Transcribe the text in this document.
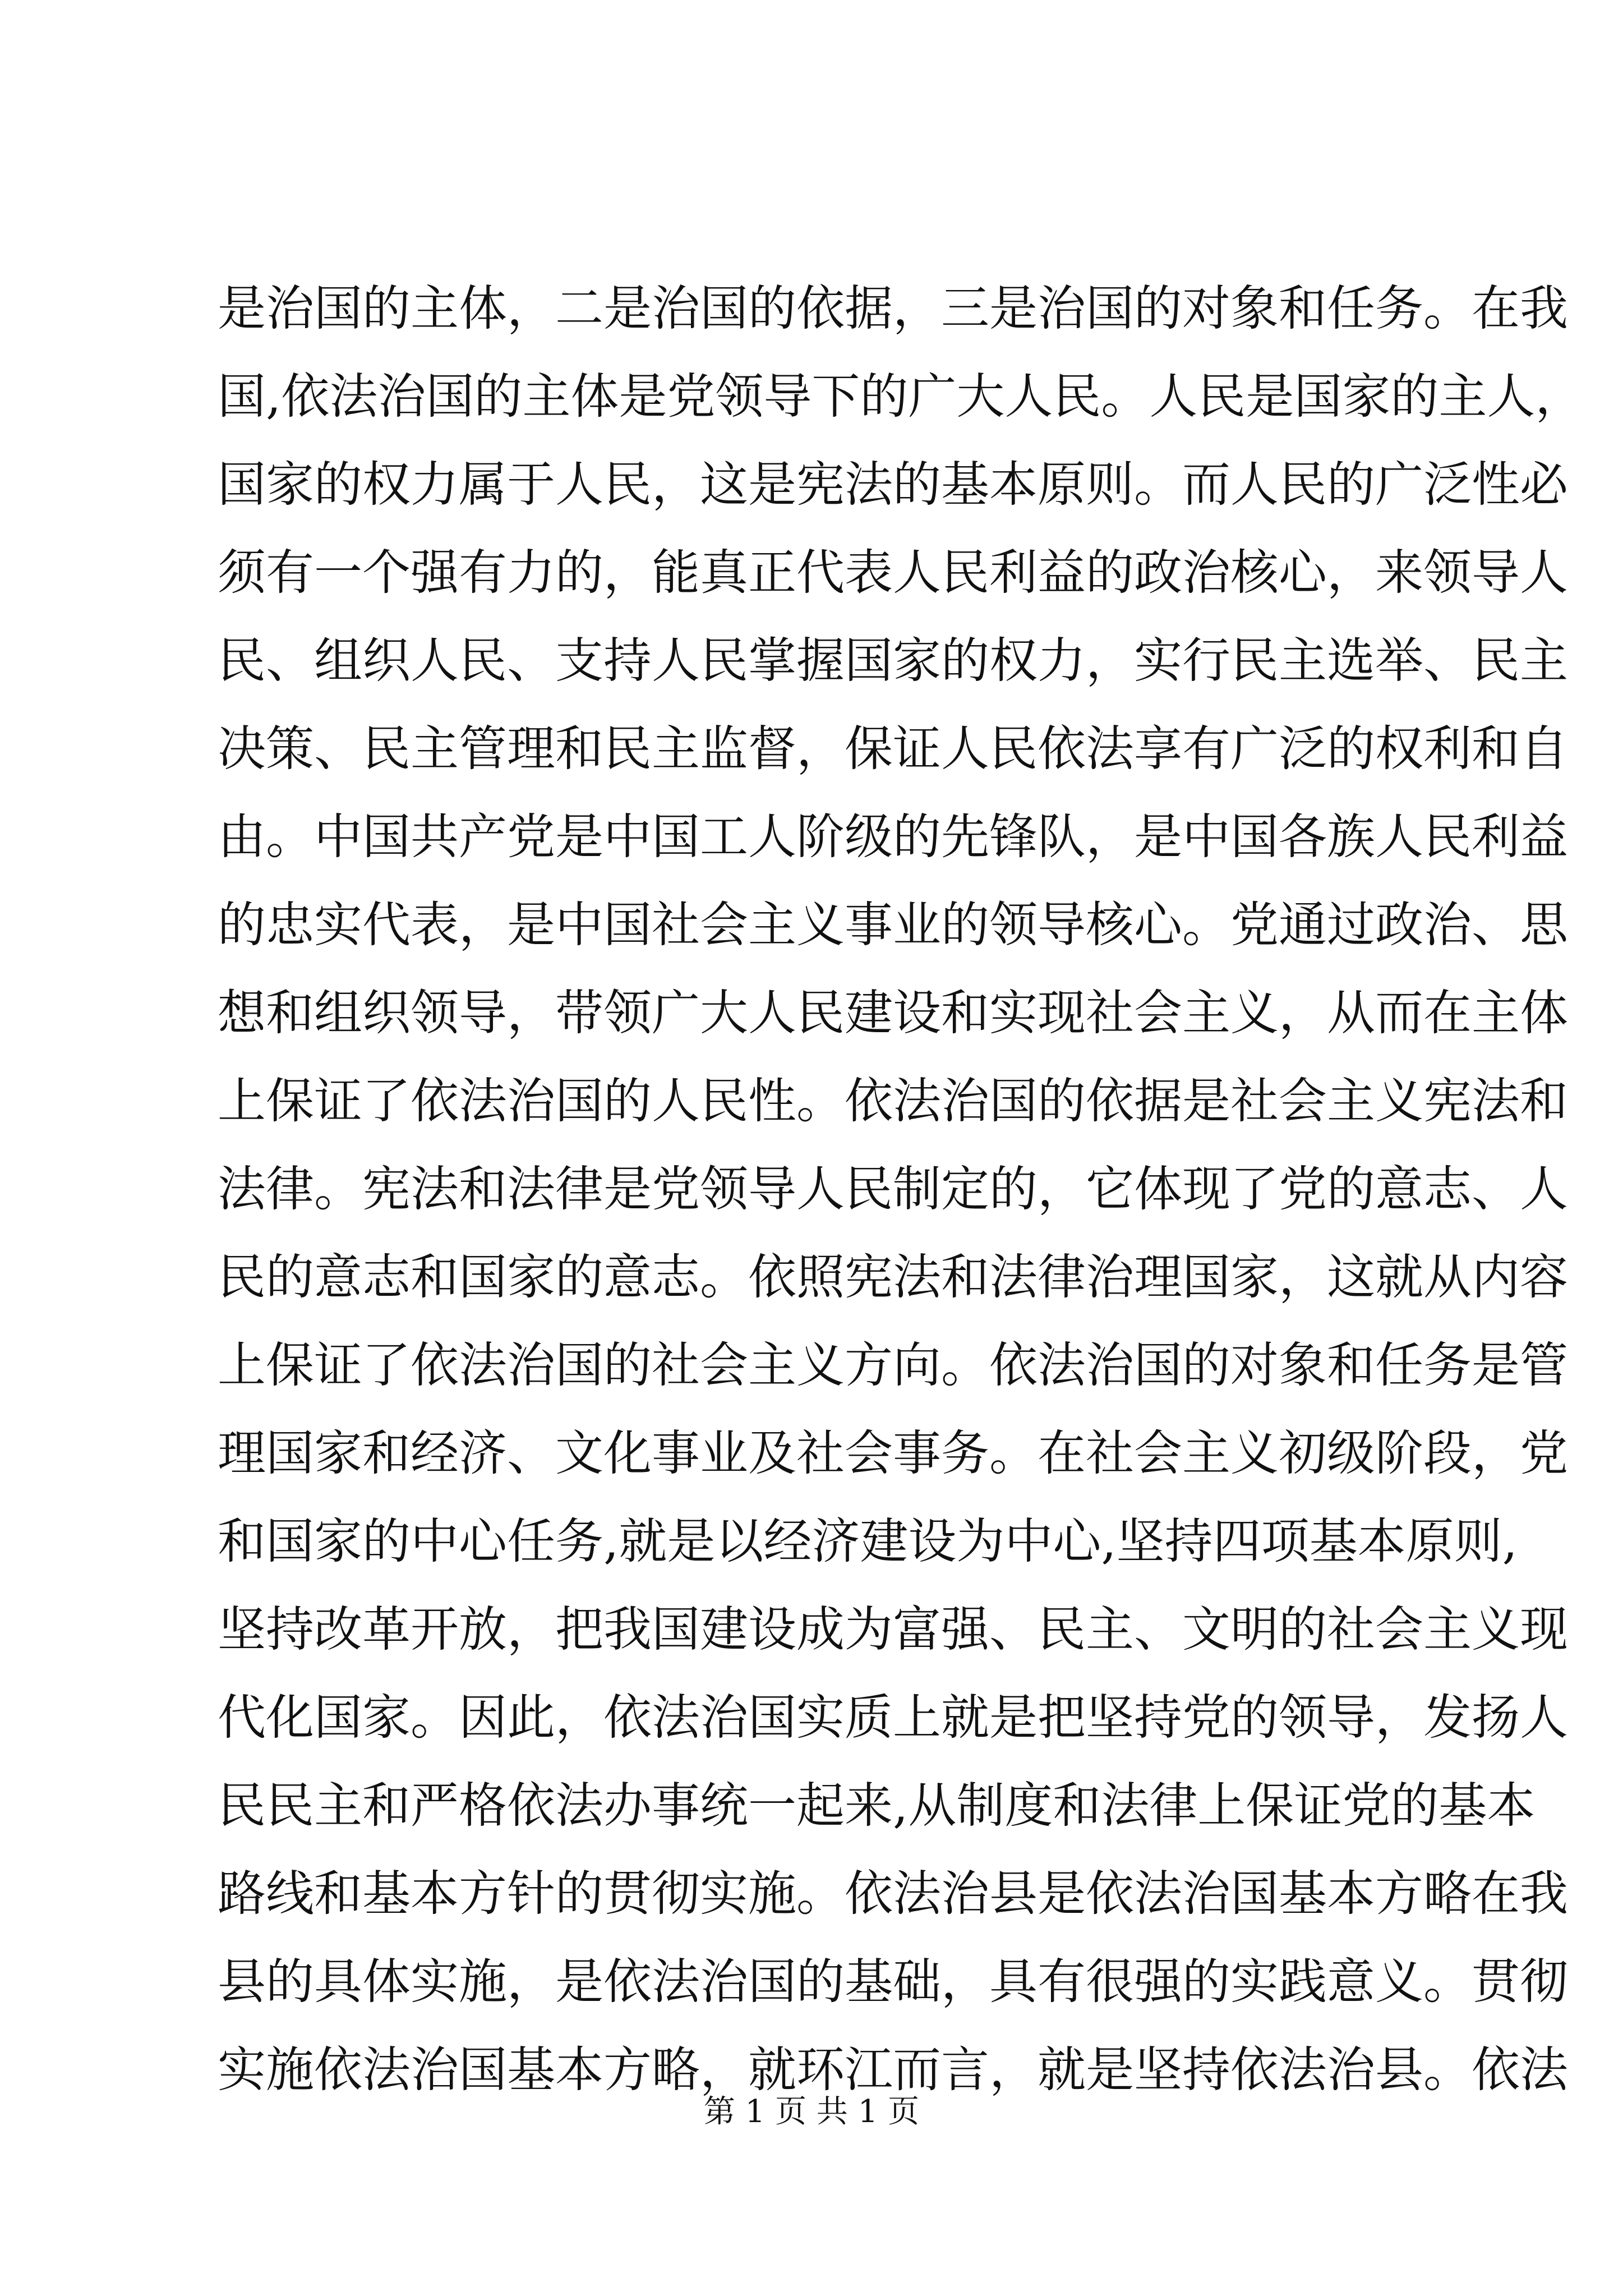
是治国的主体，二是治国的依据，三是治国的对象和任务。在我
国,依法治国的主体是党领导下的广大人民。人民是国家的主人，
国家的权力属于人民，这是宪法的基本原则。而人民的广泛性必
须有一个强有力的，能真正代表人民利益的政治核心，来领导人
民、组织人民、支持人民掌握国家的权力，实行民主选举、民主
决策、民主管理和民主监督，保证人民依法享有广泛的权利和自
由。中国共产党是中国工人阶级的先锋队，是中国各族人民利益
的忠实代表，是中国社会主义事业的领导核心。党通过政治、思
想和组织领导，带领广大人民建设和实现社会主义，从而在主体
上保证了依法治国的人民性。依法治国的依据是社会主义宪法和
法律。宪法和法律是党领导人民制定的，它体现了党的意志、人
民的意志和国家的意志。依照宪法和法律治理国家，这就从内容
上保证了依法治国的社会主义方向。依法治国的对象和任务是管
理国家和经济、文化事业及社会事务。在社会主义初级阶段，党
和国家的中心任务,就是以经济建设为中心,坚持四项基本原则,
坚持改革开放，把我国建设成为富强、民主、文明的社会主义现
代化国家。因此，依法治国实质上就是把坚持党的领导，发扬人
民民主和严格依法办事统一起来,从制度和法律上保证党的基本
路线和基本方针的贯彻实施。依法治县是依法治国基本方略在我
县的具体实施，是依法治国的基础，具有很强的实践意义。贯彻
实施依法治国基本方略，就环江而言，就是坚持依法治县。依法
第 1 页 共 1 页
